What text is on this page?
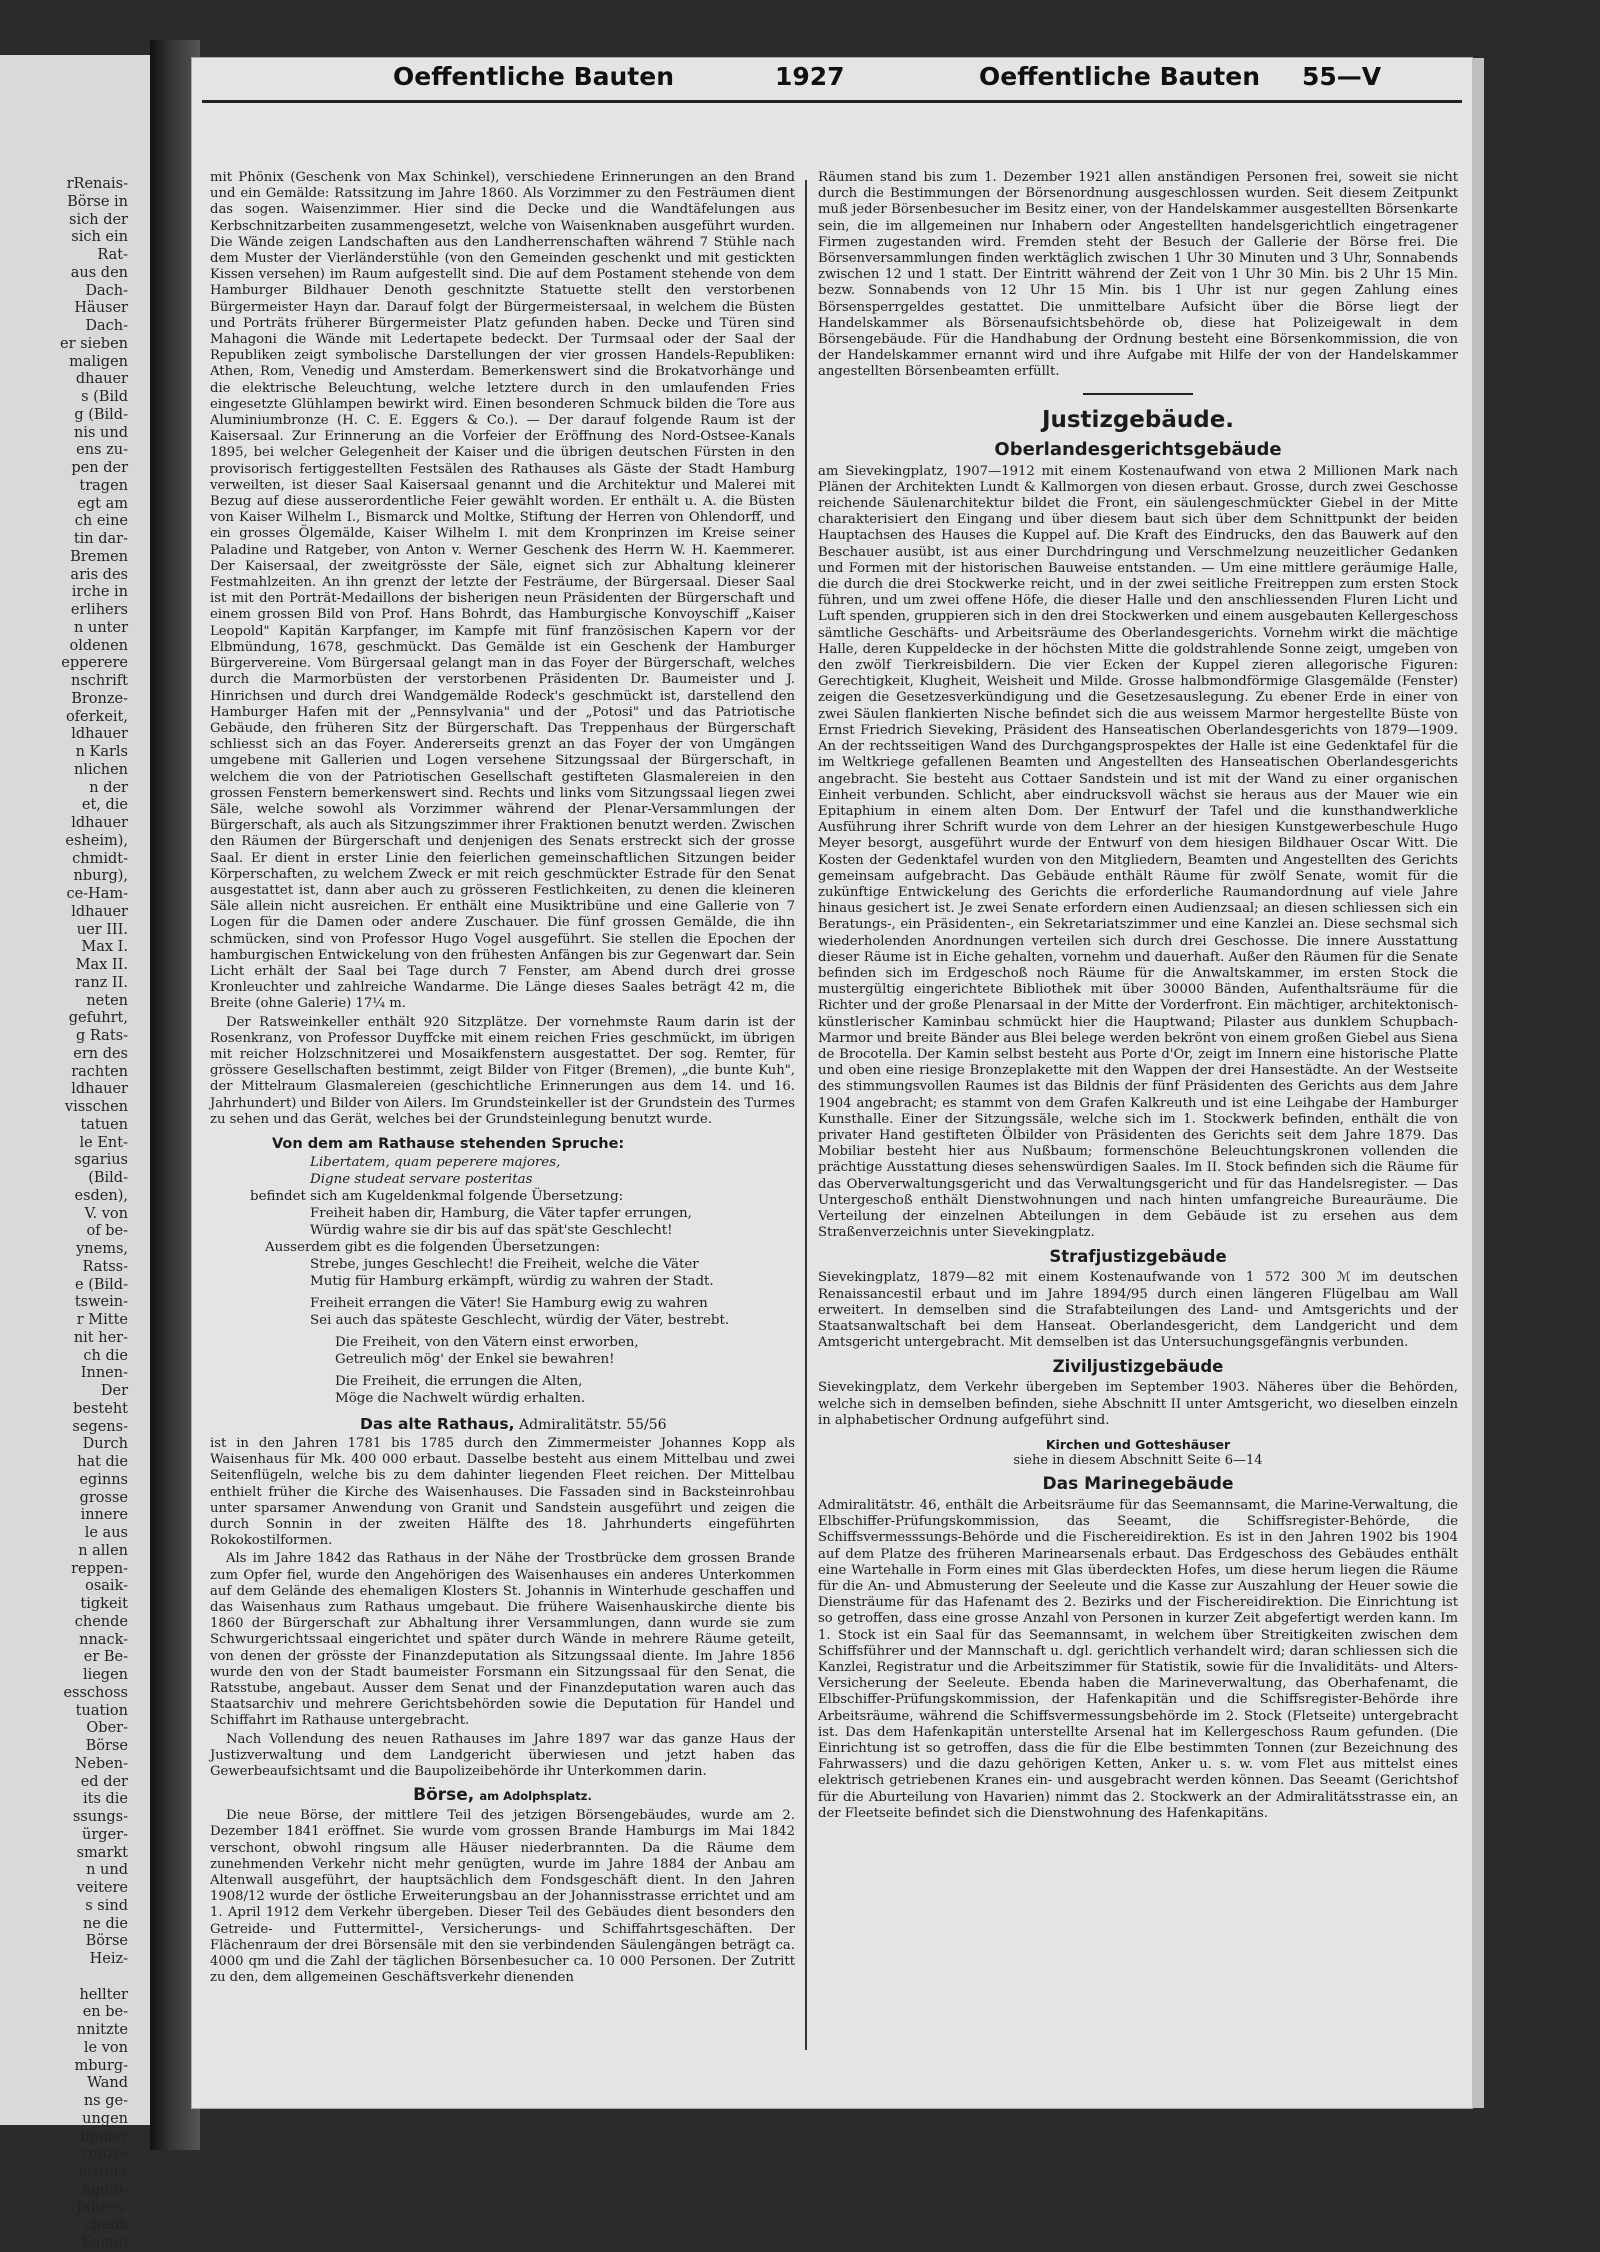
rRenais-
Börse in
sich der
sich ein
Rat-
aus den
Dach-
Häuser
Dach-
er sieben
maligen
dhauer
s (Bild
g (Bild-
nis und
ens zu-
pen der
tragen
egt am
ch eine
tin dar-
Bremen
aris des
irche in
erlihers
n unter
oldenen
epperere
nschrift
Bronze-
oferkeit,
ldhauer
n Karls
nlichen
n der
et, die
ldhauer
esheim),
chmidt-
nburg),
ce-Ham-
ldhauer
uer III.
Max I.
Max II.
ranz II.
neten
gefuhrt,
g Rats-
ern des
rachten
ldhauer
visschen
tatuen
le Ent-
sgarius
(Bild-
esden),
V. von
of be-
ynems,
Ratss-
e (Bild-
tswein-
r Mitte
nit her-
ch die
Innen-
Der
besteht
segens-
Durch
hat die
eginns
grosse
innere
le aus
n allen
reppen-
osaik-
tigkeit
chende
nnack-
er Be-
liegen
esschoss
tuation
Ober-
Börse
Neben-
ed der
its die
ssungs-
ürger-
smarkt
n und
veitere
s sind
ne die
Börse
Heiz-
hellter
en be-
nnitzte
le von
mburg-
Wand
ns ge-
ungen
immer
ronze-
eisters
agoni-
Jahres-
chenk
Kamin
Oeffentliche Bauten	1927	Oeffentliche Bauten 55—V

mit Phönix (Geschenk von Max Schinkel), verschiedene Erinnerungen an den Brand und ein Gemälde: Ratssitzung im Jahre 1860. Als Vorzimmer zu den Festräumen dient das sogen. Waisenzimmer. Hier sind die Decke und die Wandtäfelungen aus Kerbschnitzarbeiten zusammengesetzt, welche von Waisenknaben ausgeführt wurden. Die Wände zeigen Landschaften aus den Landherrenschaften während 7 Stühle nach dem Muster der Vierländerstühle (von den Gemeinden geschenkt und mit gestickten Kissen versehen) im Raum aufgestellt sind. Die auf dem Postament stehende von dem Hamburger Bildhauer Denoth geschnitzte Statuette stellt den verstorbenen Bürgermeister Hayn dar. Darauf folgt der Bürgermeistersaal, in welchem die Büsten und Porträts früherer Bürgermeister Platz gefunden haben. Decke und Türen sind Mahagoni die Wände mit Ledertapete bedeckt. Der Turmsaal oder der Saal der Republiken zeigt symbolische Darstellungen der vier grossen Handels-Republiken: Athen, Rom, Venedig und Amsterdam. Bemerkenswert sind die Brokatvorhänge und die elektrische Beleuchtung, welche letztere durch in den umlaufenden Fries eingesetzte Glühlampen bewirkt wird. Einen besonderen Schmuck bilden die Tore aus Aluminiumbronze (H. C. E. Eggers & Co.). — Der darauf folgende Raum ist der Kaisersaal. Zur Erinnerung an die Vorfeier der Eröffnung des Nord-Ostsee-Kanals 1895, bei welcher Gelegenheit der Kaiser und die übrigen deutschen Fürsten in den provisorisch fertiggestellten Festsälen des Rathauses als Gäste der Stadt Hamburg verweilten, ist dieser Saal Kaisersaal genannt und die Architektur und Malerei mit Bezug auf diese ausserordentliche Feier gewählt worden. Er enthält u. A. die Büsten von Kaiser Wilhelm I., Bismarck und Moltke, Stiftung der Herren von Ohlendorff, und ein grosses Ölgemälde, Kaiser Wilhelm I. mit dem Kronprinzen im Kreise seiner Paladine und Ratgeber, von Anton v. Werner Geschenk des Herrn W. H. Kaemmerer. Der Kaisersaal, der zweitgrösste der Säle, eignet sich zur Abhaltung kleinerer Festmahlzeiten. An ihn grenzt der letzte der Festräume, der Bürgersaal. Dieser Saal ist mit den Porträt-Medaillons der bisherigen neun Präsidenten der Bürgerschaft und einem grossen Bild von Prof. Hans Bohrdt, das Hamburgische Konvoyschiff „Kaiser Leopold" Kapitän Karpfanger, im Kampfe mit fünf französischen Kapern vor der Elbmündung, 1678, geschmückt. Das Gemälde ist ein Geschenk der Hamburger Bürgervereine. Vom Bürgersaal gelangt man in das Foyer der Bürgerschaft, welches durch die Marmorbüsten der verstorbenen Präsidenten Dr. Baumeister und J. Hinrichsen und durch drei Wandgemälde Rodeck's geschmückt ist, darstellend den Hamburger Hafen mit der „Pennsylvania" und der „Potosi" und das Patriotische Gebäude, den früheren Sitz der Bürgerschaft. Das Treppenhaus der Bürgerschaft schliesst sich an das Foyer. Andererseits grenzt an das Foyer der von Umgängen umgebene mit Gallerien und Logen versehene Sitzungssaal der Bürgerschaft, in welchem die von der Patriotischen Gesellschaft gestifteten Glasmalereien in den grossen Fenstern bemerkenswert sind. Rechts und links vom Sitzungssaal liegen zwei Säle, welche sowohl als Vorzimmer während der Plenar-Versammlungen der Bürgerschaft, als auch als Sitzungszimmer ihrer Fraktionen benutzt werden. Zwischen den Räumen der Bürgerschaft und denjenigen des Senats erstreckt sich der grosse Saal. Er dient in erster Linie den feierlichen gemeinschaftlichen Sitzungen beider Körperschaften, zu welchem Zweck er mit reich geschmückter Estrade für den Senat ausgestattet ist, dann aber auch zu grösseren Festlichkeiten, zu denen die kleineren Säle allein nicht ausreichen. Er enthält eine Musiktribüne und eine Gallerie von 7 Logen für die Damen oder andere Zuschauer. Die fünf grossen Gemälde, die ihn schmücken, sind von Professor Hugo Vogel ausgeführt. Sie stellen die Epochen der hamburgischen Entwickelung von den frühesten Anfängen bis zur Gegenwart dar. Sein Licht erhält der Saal bei Tage durch 7 Fenster, am Abend durch drei grosse Kronleuchter und zahlreiche Wandarme. Die Länge dieses Saales beträgt 42 m, die Breite (ohne Galerie) 17¼ m.

Der Ratsweinkeller enthält 920 Sitzplätze. Der vornehmste Raum darin ist der Rosenkranz, von Professor Duyffcke mit einem reichen Fries geschmückt, im übrigen mit reicher Holzschnitzerei und Mosaikfenstern ausgestattet. Der sog. Remter, für grössere Gesellschaften bestimmt, zeigt Bilder von Fitger (Bremen), „die bunte Kuh", der Mittelraum Glasmalereien (geschichtliche Erinnerungen aus dem 14. und 16. Jahrhundert) und Bilder von Ailers. Im Grundsteinkeller ist der Grundstein des Turmes zu sehen und das Gerät, welches bei der Grundsteinlegung benutzt wurde.

Von dem am Rathause stehenden Spruche:
Libertatem, quam peperere majores,
Digne studeat servare posteritas
befindet sich am Kugeldenkmal folgende Übersetzung:
Freiheit haben dir, Hamburg, die Väter tapfer errungen,
Würdig wahre sie dir bis auf das spät'ste Geschlecht!
Ausserdem gibt es die folgenden Übersetzungen:
Strebe, junges Geschlecht! die Freiheit, welche die Väter
Mutig für Hamburg erkämpft, würdig zu wahren der Stadt.
Freiheit errangen die Väter! Sie Hamburg ewig zu wahren
Sei auch das späteste Geschlecht, würdig der Väter, bestrebt.
Die Freiheit, von den Vätern einst erworben,
Getreulich mög' der Enkel sie bewahren!
Die Freiheit, die errungen die Alten,
Möge die Nachwelt würdig erhalten.
Das alte Rathaus, Admiralitätstr. 55/56

ist in den Jahren 1781 bis 1785 durch den Zimmermeister Johannes Kopp als Waisenhaus für Mk. 400 000 erbaut. Dasselbe besteht aus einem Mittelbau und zwei Seitenflügeln, welche bis zu dem dahinter liegenden Fleet reichen. Der Mittelbau enthielt früher die Kirche des Waisenhauses. Die Fassaden sind in Backsteinrohbau unter sparsamer Anwendung von Granit und Sandstein ausgeführt und zeigen die durch Sonnin in der zweiten Hälfte des 18. Jahrhunderts eingeführten Rokokostilformen.

Als im Jahre 1842 das Rathaus in der Nähe der Trostbrücke dem grossen Brande zum Opfer fiel, wurde den Angehörigen des Waisenhauses ein anderes Unterkommen auf dem Gelände des ehemaligen Klosters St. Johannis in Winterhude geschaffen und das Waisenhaus zum Rathaus umgebaut. Die frühere Waisenhauskirche diente bis 1860 der Bürgerschaft zur Abhaltung ihrer Versammlungen, dann wurde sie zum Schwurgerichtssaal eingerichtet und später durch Wände in mehrere Räume geteilt, von denen der grösste der Finanzdeputation als Sitzungssaal diente. Im Jahre 1856 wurde den von der Stadt baumeister Forsmann ein Sitzungssaal für den Senat, die Ratsstube, angebaut. Ausser dem Senat und der Finanzdeputation waren auch das Staatsarchiv und mehrere Gerichtsbehörden sowie die Deputation für Handel und Schiffahrt im Rathause untergebracht.

Nach Vollendung des neuen Rathauses im Jahre 1897 war das ganze Haus der Justizverwaltung und dem Landgericht überwiesen und jetzt haben das Gewerbeaufsichtsamt und die Baupolizeibehörde ihr Unterkommen darin.

Börse, am Adolphsplatz.

Die neue Börse, der mittlere Teil des jetzigen Börsengebäudes, wurde am 2. Dezember 1841 eröffnet. Sie wurde vom grossen Brande Hamburgs im Mai 1842 verschont, obwohl ringsum alle Häuser niederbrannten. Da die Räume dem zunehmenden Verkehr nicht mehr genügten, wurde im Jahre 1884 der Anbau am Altenwall ausgeführt, der hauptsächlich dem Fondsgeschäft dient. In den Jahren 1908/12 wurde der östliche Erweiterungsbau an der Johannisstrasse errichtet und am 1. April 1912 dem Verkehr übergeben. Dieser Teil des Gebäudes dient besonders den Getreide- und Futtermittel-, Versicherungs- und Schiffahrtsgeschäften. Der Flächenraum der drei Börsensäle mit den sie verbindenden Säulengängen beträgt ca. 4000 qm und die Zahl der täglichen Börsenbesucher ca. 10 000 Personen. Der Zutritt zu den, dem allgemeinen Geschäftsverkehr dienenden

Räumen stand bis zum 1. Dezember 1921 allen anständigen Personen frei, soweit sie nicht durch die Bestimmungen der Börsenordnung ausgeschlossen wurden. Seit diesem Zeitpunkt muß jeder Börsenbesucher im Besitz einer, von der Handelskammer ausgestellten Börsenkarte sein, die im allgemeinen nur Inhabern oder Angestellten handelsgerichtlich eingetragener Firmen zugestanden wird. Fremden steht der Besuch der Gallerie der Börse frei. Die Börsenversammlungen finden werktäglich zwischen 1 Uhr 30 Minuten und 3 Uhr, Sonnabends zwischen 12 und 1 statt. Der Eintritt während der Zeit von 1 Uhr 30 Min. bis 2 Uhr 15 Min. bezw. Sonnabends von 12 Uhr 15 Min. bis 1 Uhr ist nur gegen Zahlung eines Börsensperrgeldes gestattet. Die unmittelbare Aufsicht über die Börse liegt der Handelskammer als Börsenaufsichtsbehörde ob, diese hat Polizeigewalt in dem Börsengebäude. Für die Handhabung der Ordnung besteht eine Börsenkommission, die von der Handelskammer ernannt wird und ihre Aufgabe mit Hilfe der von der Handelskammer angestellten Börsenbeamten erfüllt.

Justizgebäude.
Oberlandesgerichtsgebäude

am Sievekingplatz, 1907—1912 mit einem Kostenaufwand von etwa 2 Millionen Mark nach Plänen der Architekten Lundt & Kallmorgen von diesen erbaut. Grosse, durch zwei Geschosse reichende Säulenarchitektur bildet die Front, ein säulengeschmückter Giebel in der Mitte charakterisiert den Eingang und über diesem baut sich über dem Schnittpunkt der beiden Hauptachsen des Hauses die Kuppel auf. Die Kraft des Eindrucks, den das Bauwerk auf den Beschauer ausübt, ist aus einer Durchdringung und Verschmelzung neuzeitlicher Gedanken und Formen mit der historischen Bauweise entstanden. — Um eine mittlere geräumige Halle, die durch die drei Stockwerke reicht, und in der zwei seitliche Freitreppen zum ersten Stock führen, und um zwei offene Höfe, die dieser Halle und den anschliessenden Fluren Licht und Luft spenden, gruppieren sich in den drei Stockwerken und einem ausgebauten Kellergeschoss sämtliche Geschäfts- und Arbeitsräume des Oberlandesgerichts. Vornehm wirkt die mächtige Halle, deren Kuppeldecke in der höchsten Mitte die goldstrahlende Sonne zeigt, umgeben von den zwölf Tierkreisbildern. Die vier Ecken der Kuppel zieren allegorische Figuren: Gerechtigkeit, Klugheit, Weisheit und Milde. Grosse halbmondförmige Glasgemälde (Fenster) zeigen die Gesetzesverkündigung und die Gesetzesauslegung. Zu ebener Erde in einer von zwei Säulen flankierten Nische befindet sich die aus weissem Marmor hergestellte Büste von Ernst Friedrich Sieveking, Präsident des Hanseatischen Oberlandesgerichts von 1879—1909. An der rechtsseitigen Wand des Durchgangsprospektes der Halle ist eine Gedenktafel für die im Weltkriege gefallenen Beamten und Angestellten des Hanseatischen Oberlandesgerichts angebracht. Sie besteht aus Cottaer Sandstein und ist mit der Wand zu einer organischen Einheit verbunden. Schlicht, aber eindrucksvoll wächst sie heraus aus der Mauer wie ein Epitaphium in einem alten Dom. Der Entwurf der Tafel und die kunsthandwerkliche Ausführung ihrer Schrift wurde von dem Lehrer an der hiesigen Kunstgewerbeschule Hugo Meyer besorgt, ausgeführt wurde der Entwurf von dem hiesigen Bildhauer Oscar Witt. Die Kosten der Gedenktafel wurden von den Mitgliedern, Beamten und Angestellten des Gerichts gemeinsam aufgebracht. Das Gebäude enthält Räume für zwölf Senate, womit für die zukünftige Entwickelung des Gerichts die erforderliche Raumandordnung auf viele Jahre hinaus gesichert ist. Je zwei Senate erfordern einen Audienzsaal; an diesen schliessen sich ein Beratungs-, ein Präsidenten-, ein Sekretariatszimmer und eine Kanzlei an. Diese sechsmal sich wiederholenden Anordnungen verteilen sich durch drei Geschosse. Die innere Ausstattung dieser Räume ist in Eiche gehalten, vornehm und dauerhaft. Außer den Räumen für die Senate befinden sich im Erdgeschoß noch Räume für die Anwaltskammer, im ersten Stock die mustergültig eingerichtete Bibliothek mit über 30000 Bänden, Aufenthaltsräume für die Richter und der große Plenarsaal in der Mitte der Vorderfront. Ein mächtiger, architektonisch-künstlerischer Kaminbau schmückt hier die Hauptwand; Pilaster aus dunklem Schupbach-Marmor und breite Bänder aus Blei belege werden bekrönt von einem großen Giebel aus Siena de Brocotella. Der Kamin selbst besteht aus Porte d'Or, zeigt im Innern eine historische Platte und oben eine riesige Bronzeplakette mit den Wappen der drei Hansestädte. An der Westseite des stimmungsvollen Raumes ist das Bildnis der fünf Präsidenten des Gerichts aus dem Jahre 1904 angebracht; es stammt von dem Grafen Kalkreuth und ist eine Leihgabe der Hamburger Kunsthalle. Einer der Sitzungssäle, welche sich im 1. Stockwerk befinden, enthält die von privater Hand gestifteten Ölbilder von Präsidenten des Gerichts seit dem Jahre 1879. Das Mobiliar besteht hier aus Nußbaum; formenschöne Beleuchtungskronen vollenden die prächtige Ausstattung dieses sehenswürdigen Saales. Im II. Stock befinden sich die Räume für das Oberverwaltungsgericht und das Verwaltungsgericht und für das Handelsregister. — Das Untergeschoß enthält Dienstwohnungen und nach hinten umfangreiche Bureauräume. Die Verteilung der einzelnen Abteilungen in dem Gebäude ist zu ersehen aus dem Straßenverzeichnis unter Sievekingplatz.

Strafjustizgebäude

Sievekingplatz, 1879—82 mit einem Kostenaufwande von 1 572 300 ℳ im deutschen Renaissancestil erbaut und im Jahre 1894/95 durch einen längeren Flügelbau am Wall erweitert. In demselben sind die Strafabteilungen des Land- und Amtsgerichts und der Staatsanwaltschaft bei dem Hanseat. Oberlandesgericht, dem Landgericht und dem Amtsgericht untergebracht. Mit demselben ist das Untersuchungsgefängnis verbunden.

Ziviljustizgebäude

Sievekingplatz, dem Verkehr übergeben im September 1903. Näheres über die Behörden, welche sich in demselben befinden, siehe Abschnitt II unter Amtsgericht, wo dieselben einzeln in alphabetischer Ordnung aufgeführt sind.

Kirchen und Gotteshäuser
siehe in diesem Abschnitt Seite 6—14
Das Marinegebäude

Admiralitätstr. 46, enthält die Arbeitsräume für das Seemannsamt, die Marine-Verwaltung, die Elbschiffer-Prüfungskommission, das Seeamt, die Schiffsregister-Behörde, die Schiffsvermesssungs-Behörde und die Fischereidirektion. Es ist in den Jahren 1902 bis 1904 auf dem Platze des früheren Marinearsenals erbaut. Das Erdgeschoss des Gebäudes enthält eine Wartehalle in Form eines mit Glas überdeckten Hofes, um diese herum liegen die Räume für die An- und Abmusterung der Seeleute und die Kasse zur Auszahlung der Heuer sowie die Diensträume für das Hafenamt des 2. Bezirks und der Fischereidirektion. Die Einrichtung ist so getroffen, dass eine grosse Anzahl von Personen in kurzer Zeit abgefertigt werden kann. Im 1. Stock ist ein Saal für das Seemannsamt, in welchem über Streitigkeiten zwischen dem Schiffsführer und der Mannschaft u. dgl. gerichtlich verhandelt wird; daran schliessen sich die Kanzlei, Registratur und die Arbeitszimmer für Statistik, sowie für die Invaliditäts- und Alters-Versicherung der Seeleute. Ebenda haben die Marineverwaltung, das Oberhafenamt, die Elbschiffer-Prüfungskommission, der Hafenkapitän und die Schiffsregister-Behörde ihre Arbeitsräume, während die Schiffsvermessungsbehörde im 2. Stock (Fletseite) untergebracht ist. Das dem Hafenkapitän unterstellte Arsenal hat im Kellergeschoss Raum gefunden. (Die Einrichtung ist so getroffen, dass die für die Elbe bestimmten Tonnen (zur Bezeichnung des Fahrwassers) und die dazu gehörigen Ketten, Anker u. s. w. vom Flet aus mittelst eines elektrisch getriebenen Kranes ein- und ausgebracht werden können. Das Seeamt (Gerichtshof für die Aburteilung von Havarien) nimmt das 2. Stockwerk an der Admiralitätsstrasse ein, an der Fleetseite befindet sich die Dienstwohnung des Hafenkapitäns.
